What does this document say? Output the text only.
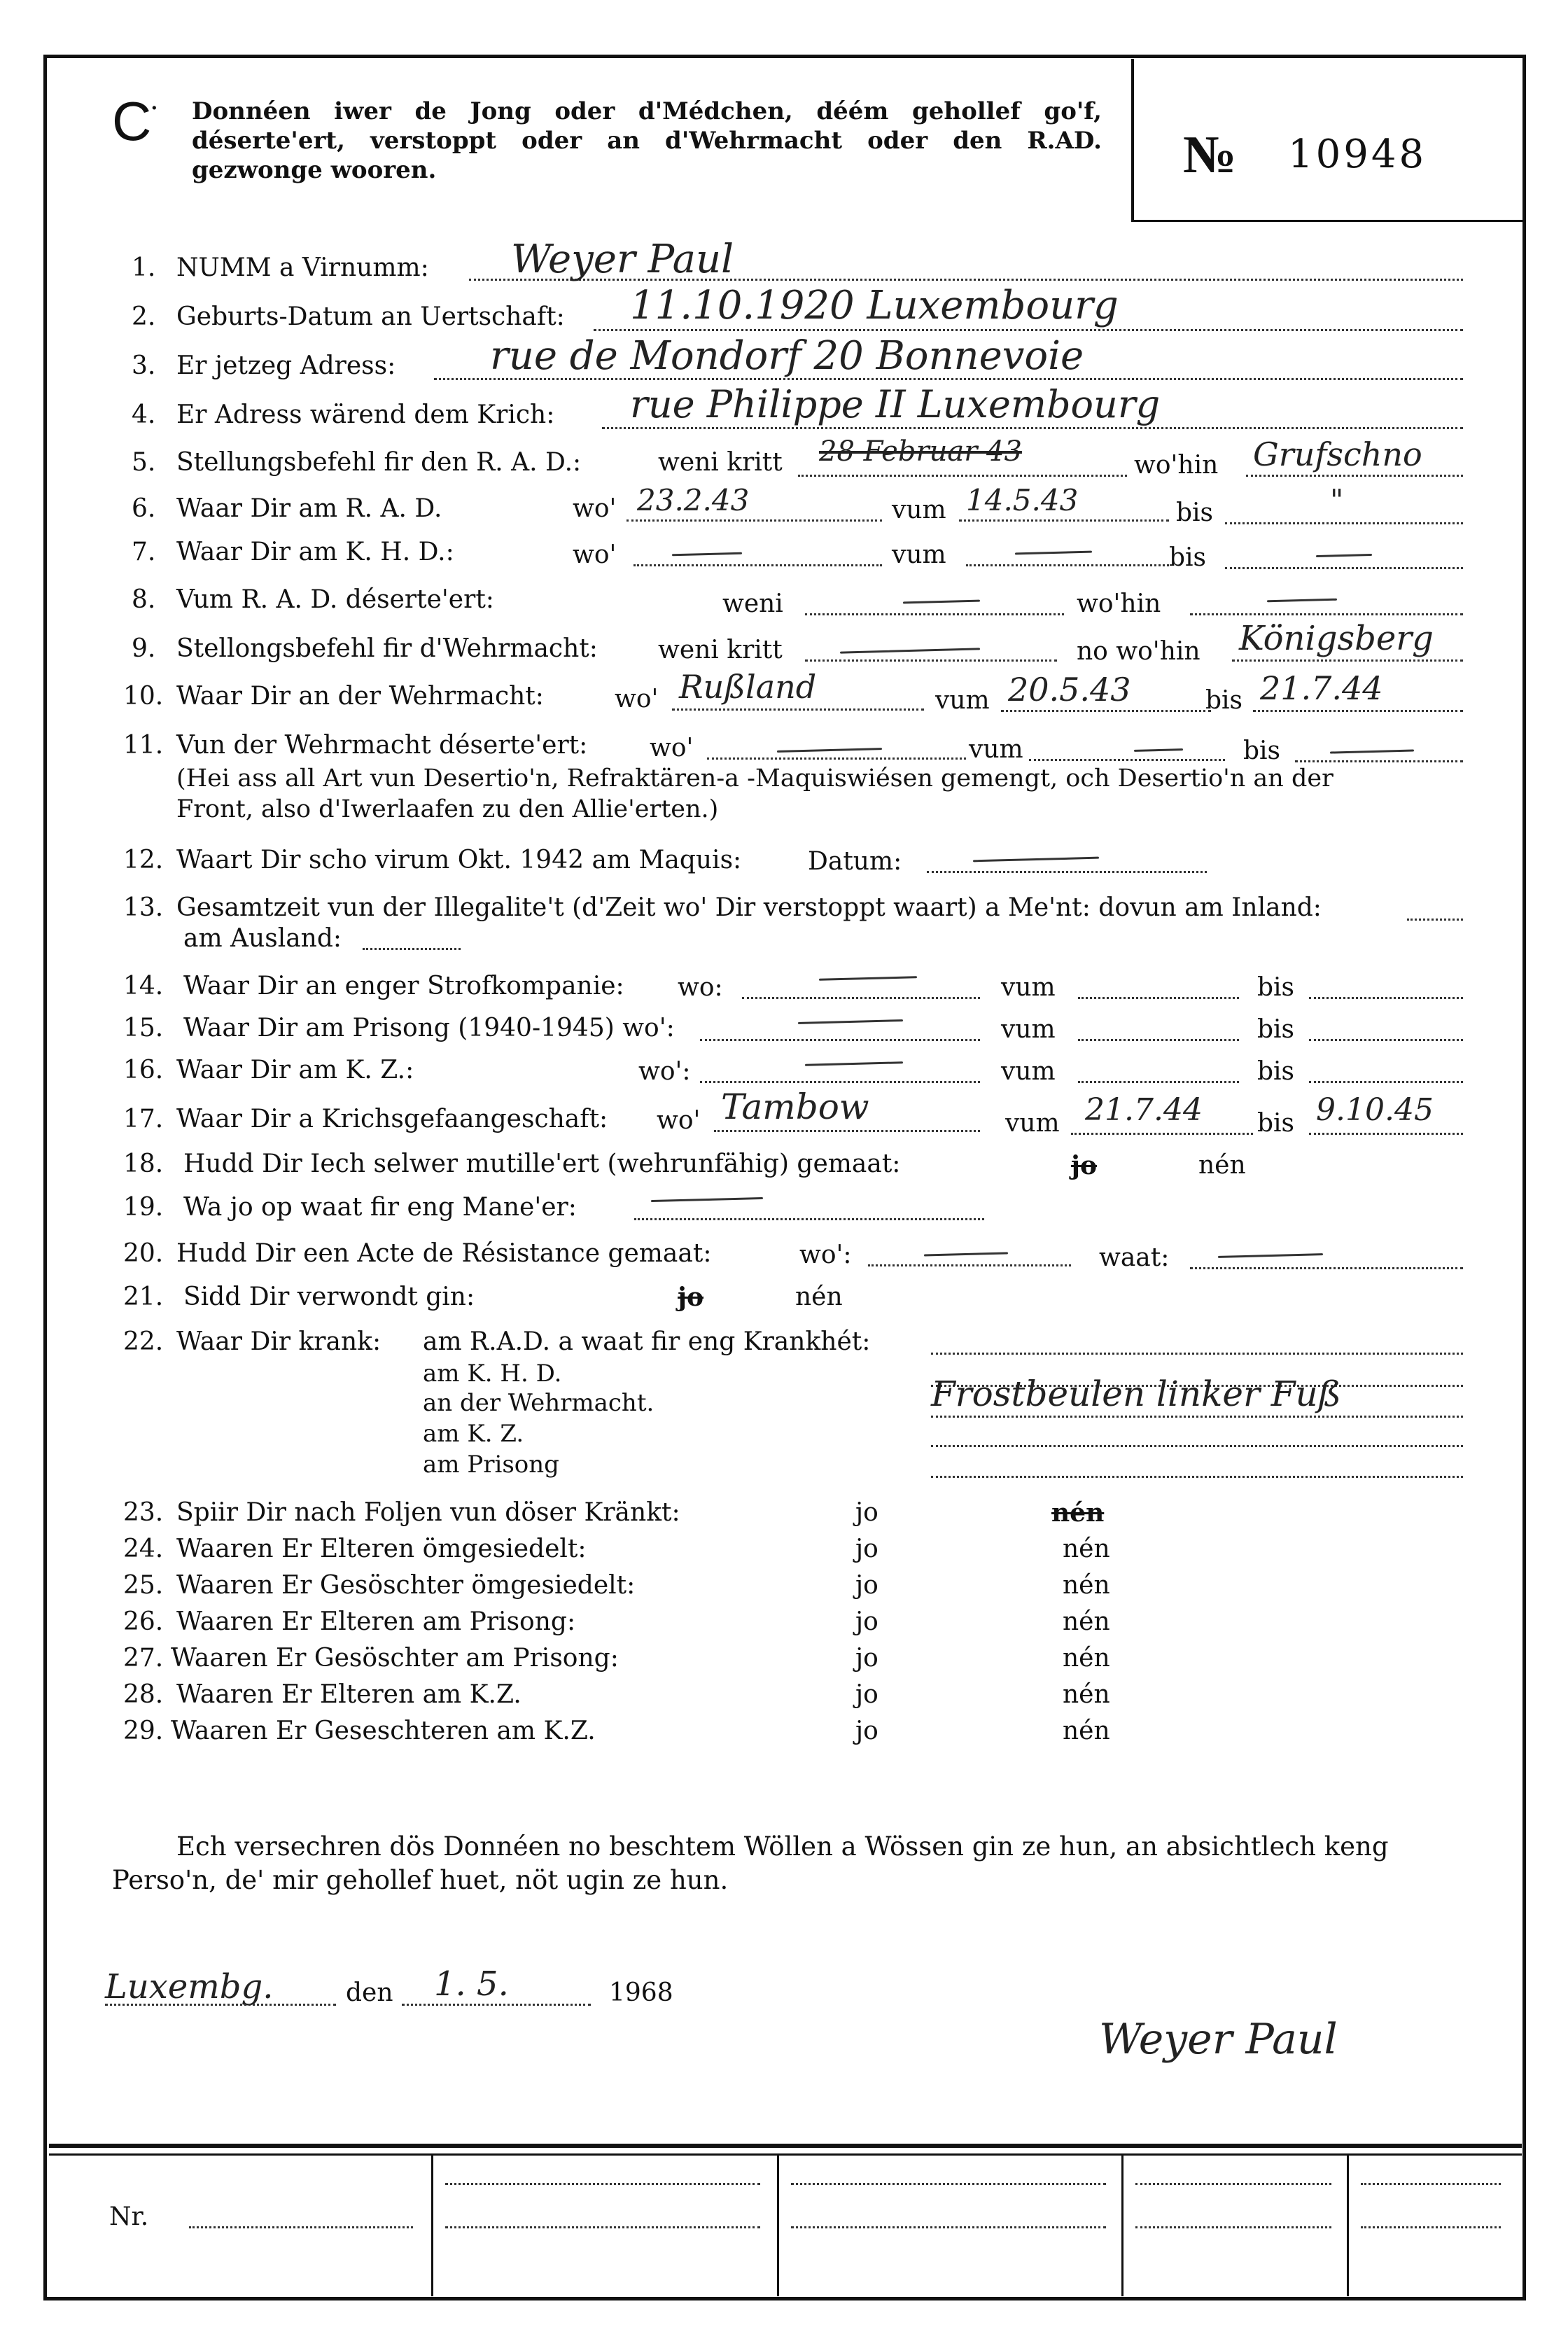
C
· Donnéen iwer de Jong oder d'Médchen, déém gehollef go'f, déserte'ert, verstoppt oder an d'Wehrmacht oder den R.AD. gezwonge wooren.	№ 10948
1. NUMM a Virnumm: Weyer Paul
2. Geburts-Datum an Uertschaft: 11.10.1920 Luxembourg
3. Er jetzeg Adress: rue de Mondorf 20 Bonnevoie
4. Er Adress wärend dem Krich: rue Philippe II Luxembourg
5. Stellungsbefehl fir den R. A. D.:	weni kritt 28 Februar 43	wo'hin Grufschno
6. Waar Dir am R. A. D.	wo' 23.2.43	vum 14.5.43	bis	"
7. Waar Dir am K. H. D.:	wo'	vum	bis
8. Vum R. A. D. déserte'ert:	weni	wo'hin
9. Stellongsbefehl fir d'Wehrmacht: weni kritt	no wo'hin Königsberg
10. Waar Dir an der Wehrmacht:	wo' Rußland	vum 20.5.43	bis 21.7.44
11. Vun der Wehrmacht déserte'ert: wo'	vum	bis
(Hei ass all Art vun Desertio'n, Refraktären-a -Maquiswiésen gemengt, och Desertio'n an der
Front, also d'Iwerlaafen zu den Allie'erten.)
12. Waart Dir scho virum Okt. 1942 am Maquis:	Datum:
13. Gesamtzeit vun der Illegalite't (d'Zeit wo' Dir verstoppt waart) a Me'nt: dovun am Inland:
am Ausland:
14. Waar Dir an enger Strofkompanie: wo:	vum	bis
15. Waar Dir am Prisong (1940-1945) wo':	vum	bis
16. Waar Dir am K. Z.:	wo':	vum	bis
17. Waar Dir a Krichsgefaangeschaft: wo' Tambow	vum 21.7.44 bis 9.10.45
18. Hudd Dir Iech selwer mutille'ert (wehrunfähig) gemaat:	jo	nén
19. Wa jo op waat fir eng Mane'er:
20. Hudd Dir een Acte de Résistance gemaat:	wo':	waat:
21. Sidd Dir verwondt gin:	jo	nén
22. Waar Dir krank: am R.A.D. a waat fir eng Krankhét:
am K. H. D.
an der Wehrmacht.	Frostbeulen linker Fuß
am K. Z.
am Prisong
23. Spiir Dir nach Foljen vun döser Kränkt:	jo	nén
24. Waaren Er Elteren ömgesiedelt:	jo	nén
25. Waaren Er Gesöschter ömgesiedelt:	jo	nén
26. Waaren Er Elteren am Prisong:	jo	nén
27. Waaren Er Gesöschter am Prisong:	jo	nén
28. Waaren Er Elteren am K.Z.	jo	nén
29. Waaren Er Geseschteren am K.Z.	jo	nén
Ech versechren dös Donnéen no beschtem Wöllen a Wössen gin ze hun, an absichtlech keng
Perso'n, de' mir gehollef huet, nöt ugin ze hun.
Luxembg.	den 1. 5.	1968
Weyer Paul
Nr.
